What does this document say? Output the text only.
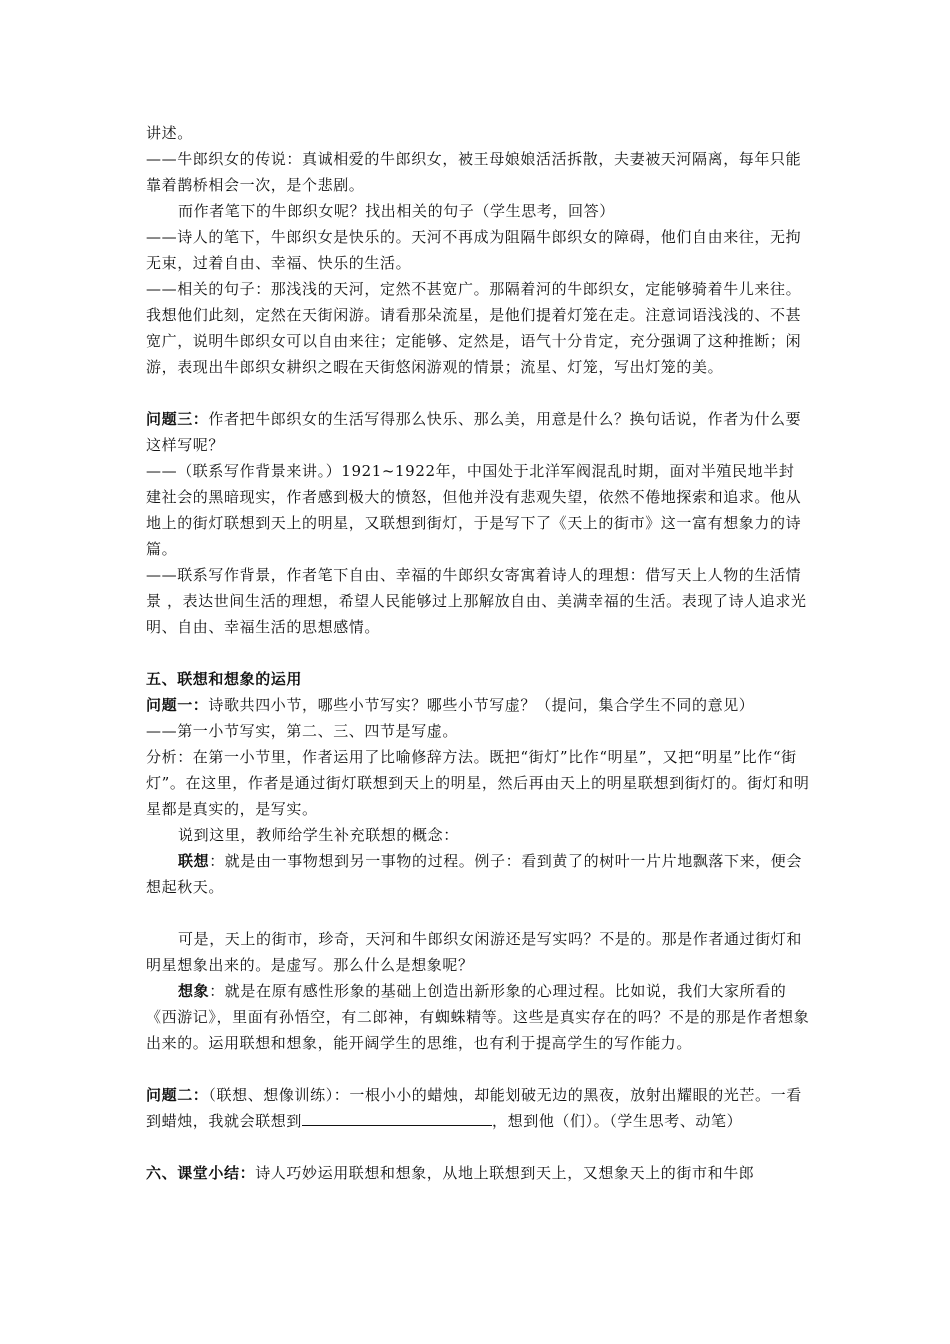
讲述。

——牛郎织女的传说：真诚相爱的牛郎织女，被王母娘娘活活拆散，夫妻被天河隔离，每年只能靠着鹊桥相会一次，是个悲剧。

而作者笔下的牛郎织女呢？找出相关的句子（学生思考，回答）

——诗人的笔下，牛郎织女是快乐的。天河不再成为阻隔牛郎织女的障碍，他们自由来往，无拘无束，过着自由、幸福、快乐的生活。

——相关的句子：那浅浅的天河，定然不甚宽广。那隔着河的牛郎织女，定能够骑着牛儿来往。我想他们此刻，定然在天街闲游。请看那朵流星，是他们提着灯笼在走。注意词语浅浅的、不甚宽广，说明牛郎织女可以自由来往；定能够、定然是，语气十分肯定，充分强调了这种推断；闲游，表现出牛郎织女耕织之暇在天街悠闲游观的情景；流星、灯笼，写出灯笼的美。

问题三：作者把牛郎织女的生活写得那么快乐、那么美，用意是什么？换句话说，作者为什么要这样写呢？

——（联系写作背景来讲。）1921~1922年，中国处于北洋军阀混乱时期，面对半殖民地半封建社会的黑暗现实，作者感到极大的愤怒，但他并没有悲观失望，依然不倦地探索和追求。他从地上的街灯联想到天上的明星，又联想到街灯，于是写下了《天上的街市》这一富有想象力的诗篇。

——联系写作背景，作者笔下自由、幸福的牛郎织女寄寓着诗人的理想：借写天上人物的生活情景 ，表达世间生活的理想，希望人民能够过上那解放自由、美满幸福的生活。表现了诗人追求光明、自由、幸福生活的思想感情。

五、联想和想象的运用

问题一：诗歌共四小节，哪些小节写实？哪些小节写虚？（提问，集合学生不同的意见）

——第一小节写实，第二、三、四节是写虚。

分析：在第一小节里，作者运用了比喻修辞方法。既把“街灯”比作“明星”，又把“明星”比作“街灯”。在这里，作者是通过街灯联想到天上的明星，然后再由天上的明星联想到街灯的。街灯和明星都是真实的，是写实。

说到这里，教师给学生补充联想的概念：

联想：就是由一事物想到另一事物的过程。例子：看到黄了的树叶一片片地飘落下来，便会想起秋天。

可是，天上的街市，珍奇，天河和牛郎织女闲游还是写实吗？不是的。那是作者通过街灯和明星想象出来的。是虚写。那么什么是想象呢？

想象：就是在原有感性形象的基础上创造出新形象的心理过程。比如说，我们大家所看的《西游记》，里面有孙悟空，有二郎神，有蜘蛛精等。这些是真实存在的吗？不是的那是作者想象出来的。运用联想和想象，能开阔学生的思维，也有利于提高学生的写作能力。

问题二：（联想、想像训练）：一根小小的蜡烛，却能划破无边的黑夜，放射出耀眼的光芒。一看到蜡烛，我就会联想到	，想到他（们）。（学生思考、动笔）

六、课堂小结：诗人巧妙运用联想和想象，从地上联想到天上，又想象天上的街市和牛郎
